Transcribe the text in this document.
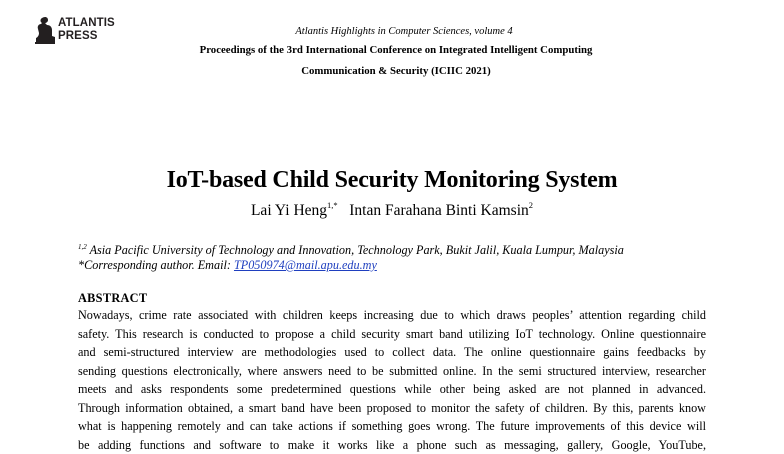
ATLANTIS
PRESS	Atlantis Highlights in Computer Sciences, volume 4
Proceedings of the 3rd International Conference on Integrated Intelligent Computing
Communication & Security (ICIIC 2021)
IoT-based Child Security Monitoring System
Lai Yi Heng$^{1,*}$ Intan Farahana Binti Kamsin$^2$
$^{1,2}$ Asia Pacific University of Technology and Innovation, Technology Park, Bukit Jalil, Kuala Lumpur, Malaysia
*Corresponding author. Email: TP050974@mail.apu.edu.my
ABSTRACT
Nowadays, crime rate associated with children keeps increasing due to which draws peoples’ attention regarding child
safety. This research is conducted to propose a child security smart band utilizing IoT technology. Online questionnaire
and semi-structured interview are methodologies used to collect data. The online questionnaire gains feedbacks by
sending questions electronically, where answers need to be submitted online. In the semi structured interview, researcher
meets and asks respondents some predetermined questions while other being asked are not planned in advanced.
Through information obtained, a smart band have been proposed to monitor the safety of children. By this, parents know
what is happening remotely and can take actions if something goes wrong. The future improvements of this device will
be adding functions and software to make it works like a phone such as messaging, gallery, Google, YouTube,
